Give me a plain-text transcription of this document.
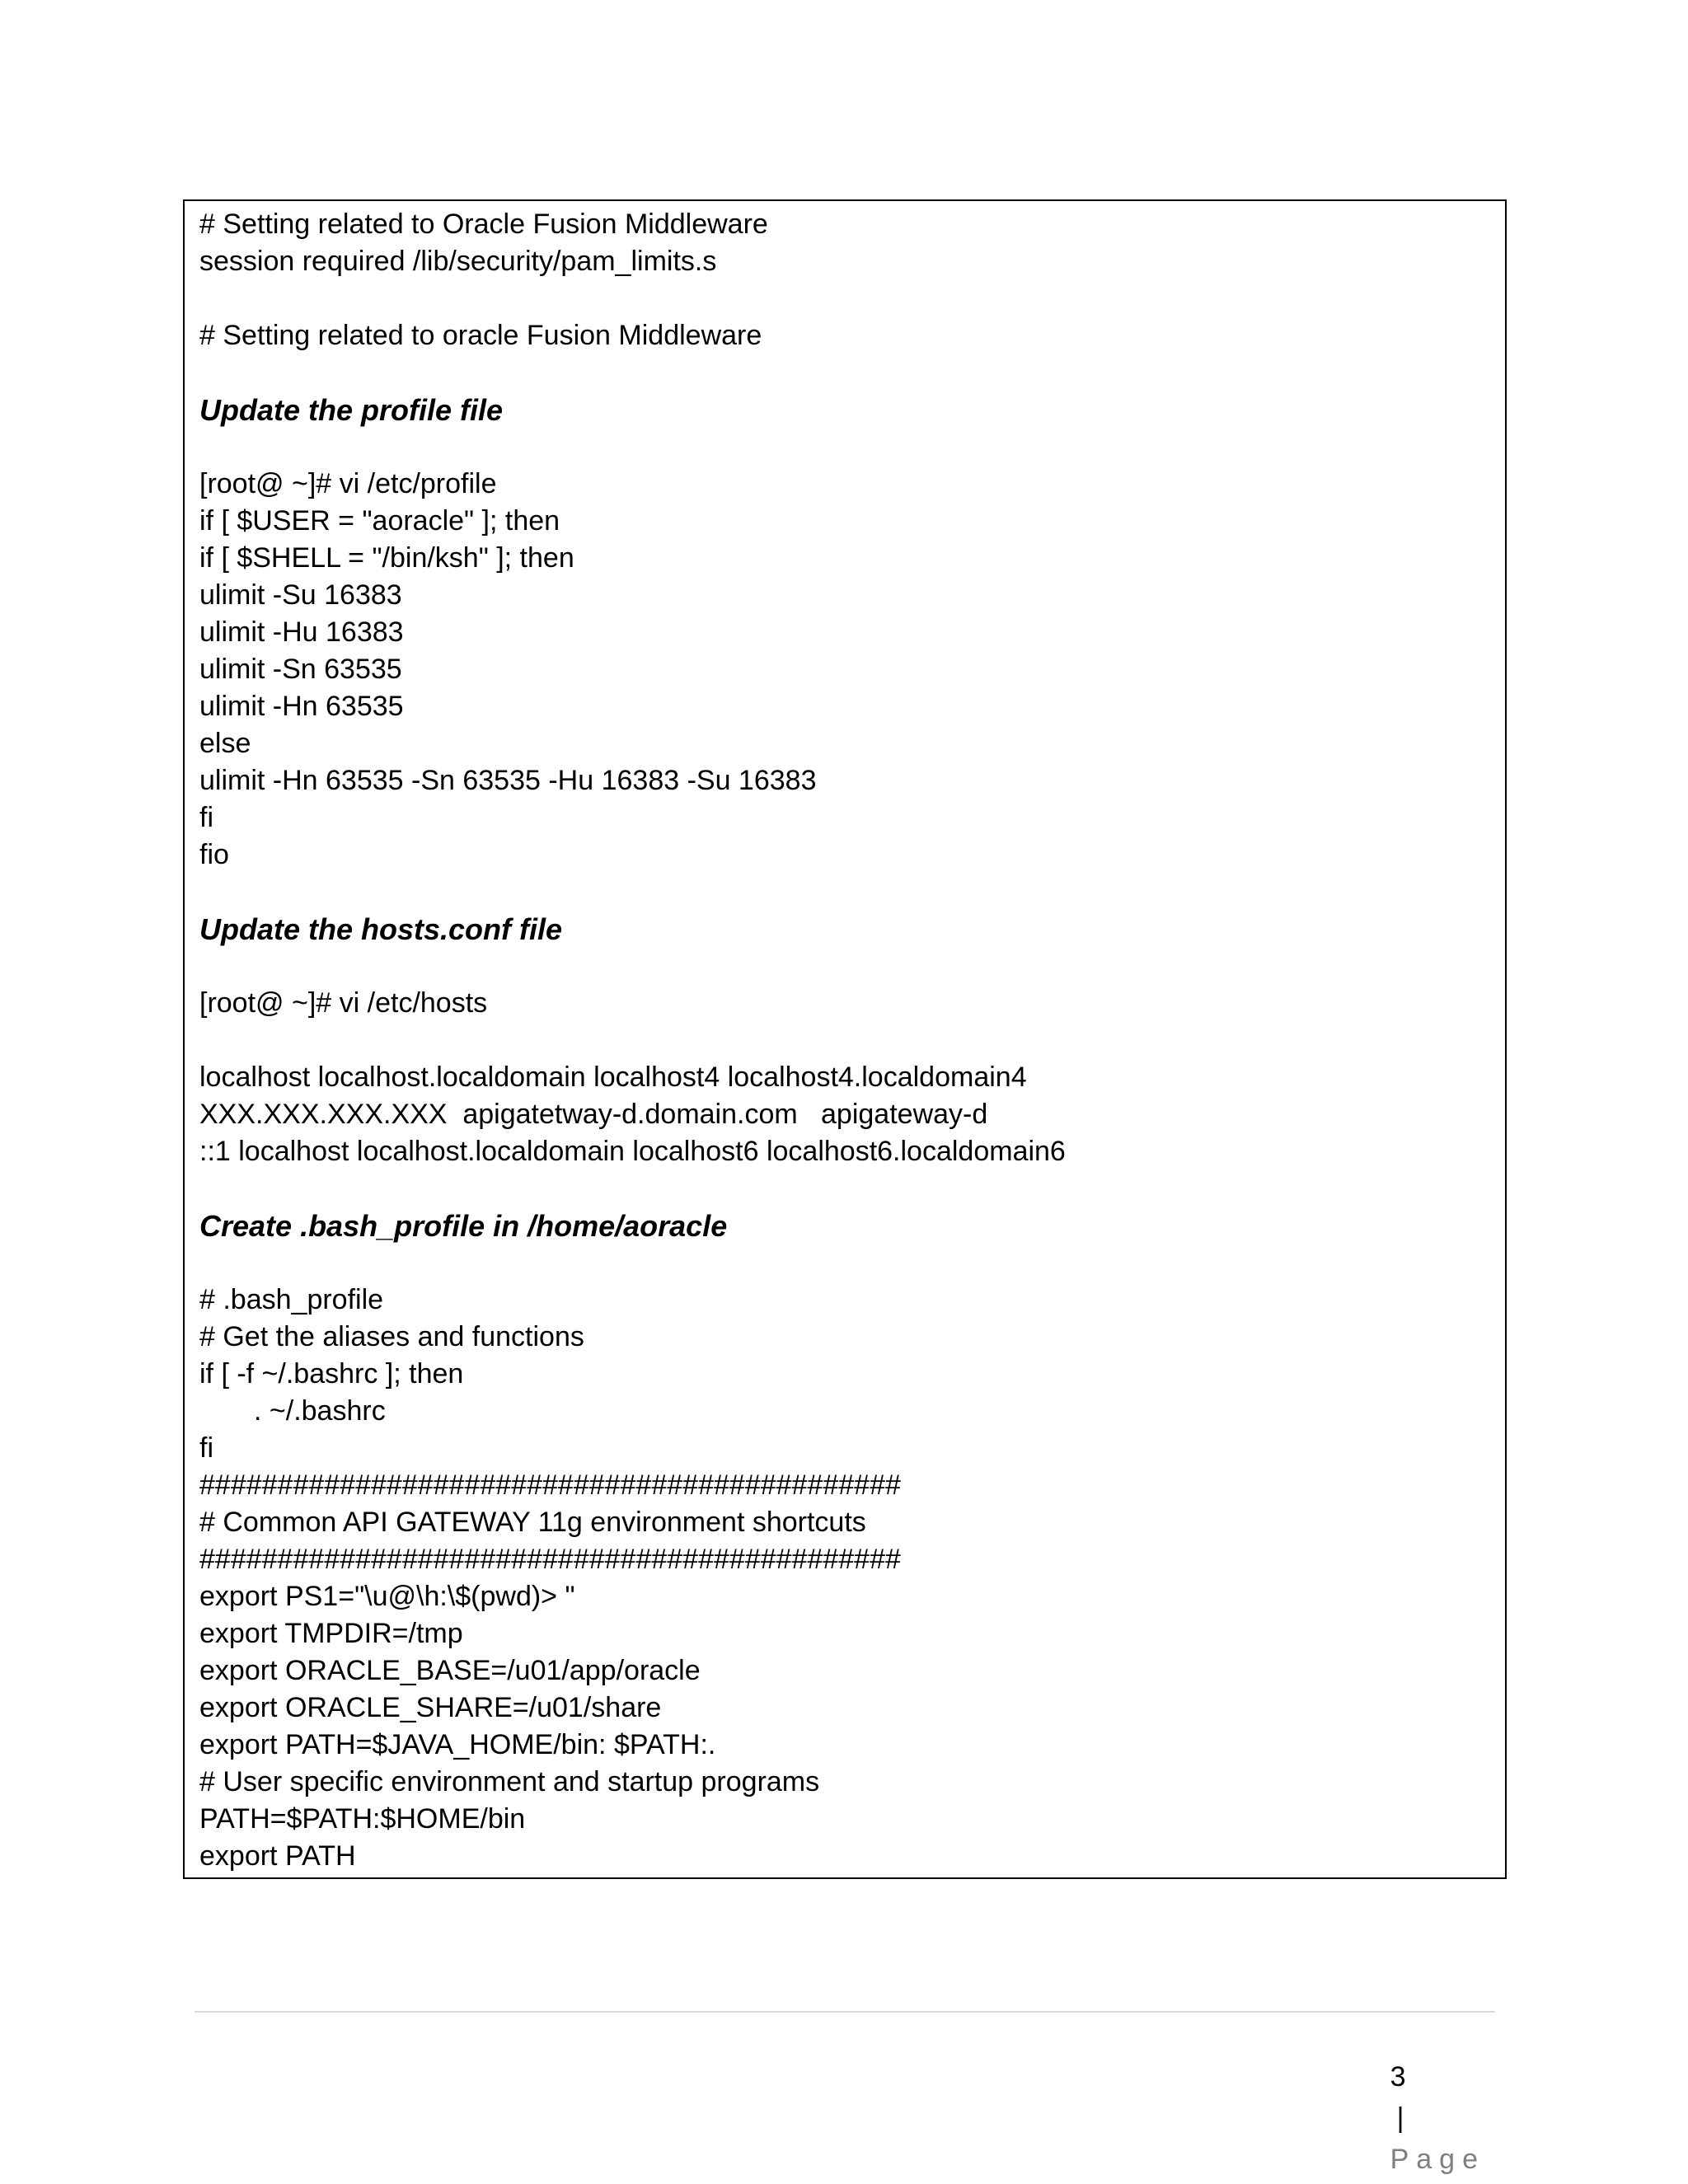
# Setting related to Oracle Fusion Middleware
session required /lib/security/pam_limits.s
# Setting related to oracle Fusion Middleware
Update the profile file
[root@ ~]# vi /etc/profile
if [ $USER = "aoracle" ]; then
if [ $SHELL = "/bin/ksh" ]; then
ulimit -Su 16383
ulimit -Hu 16383
ulimit -Sn 63535
ulimit -Hn 63535
else
ulimit -Hn 63535 -Sn 63535 -Hu 16383 -Su 16383
fi
fio
Update the hosts.conf file
[root@ ~]# vi /etc/hosts
localhost localhost.localdomain localhost4 localhost4.localdomain4
XXX.XXX.XXX.XXX  apigatetway-d.domain.com   apigateway-d
::1 localhost localhost.localdomain localhost6 localhost6.localdomain6
Create .bash_profile in /home/aoracle
# .bash_profile
# Get the aliases and functions
if [ -f ~/.bashrc ]; then
. ~/.bashrc
fi
#############################################
# Common API GATEWAY 11g environment shortcuts
#############################################
export PS1="\u@\h:\$(pwd)> "
export TMPDIR=/tmp
export ORACLE_BASE=/u01/app/oracle
export ORACLE_SHARE=/u01/share
export PATH=$JAVA_HOME/bin: $PATH:.
# User specific environment and startup programs
PATH=$PATH:$HOME/bin
export PATH

3
|
Page
